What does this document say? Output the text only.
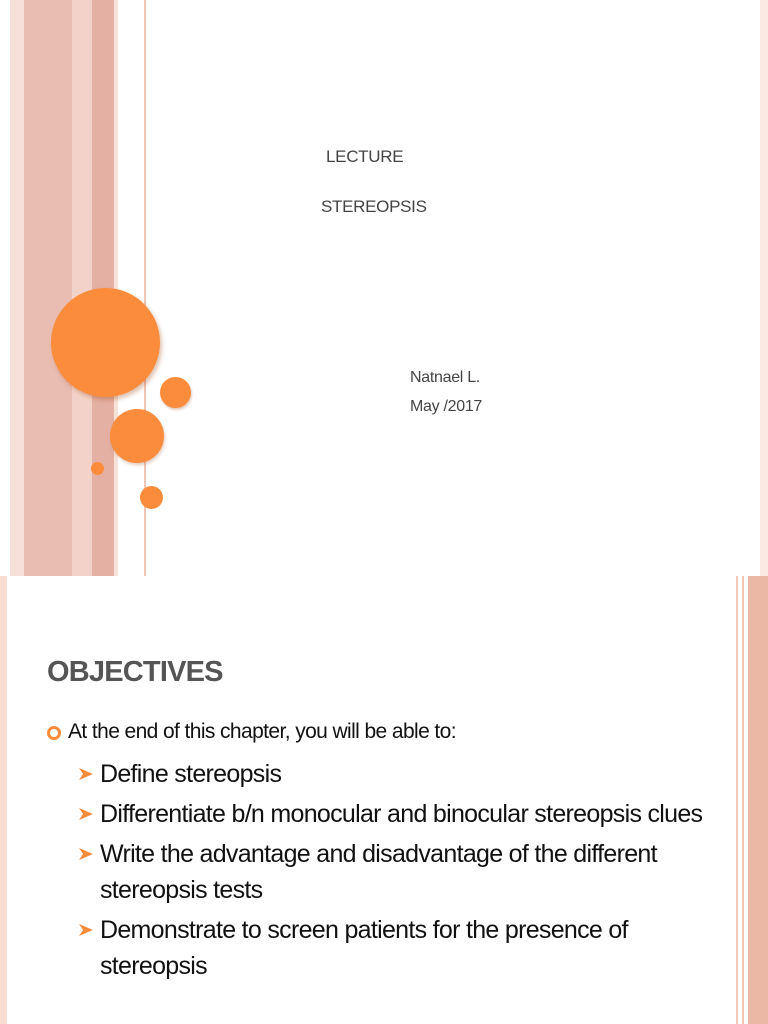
LECTURE
STEREOPSIS
Natnael L.
May /2017
OBJECTIVES

At the end of this chapter, you will be able to:

Define stereopsis
Differentiate b/n monocular and binocular stereopsis clues
Write the advantage and disadvantage of the different stereopsis tests
Demonstrate to screen patients for the presence of stereopsis
